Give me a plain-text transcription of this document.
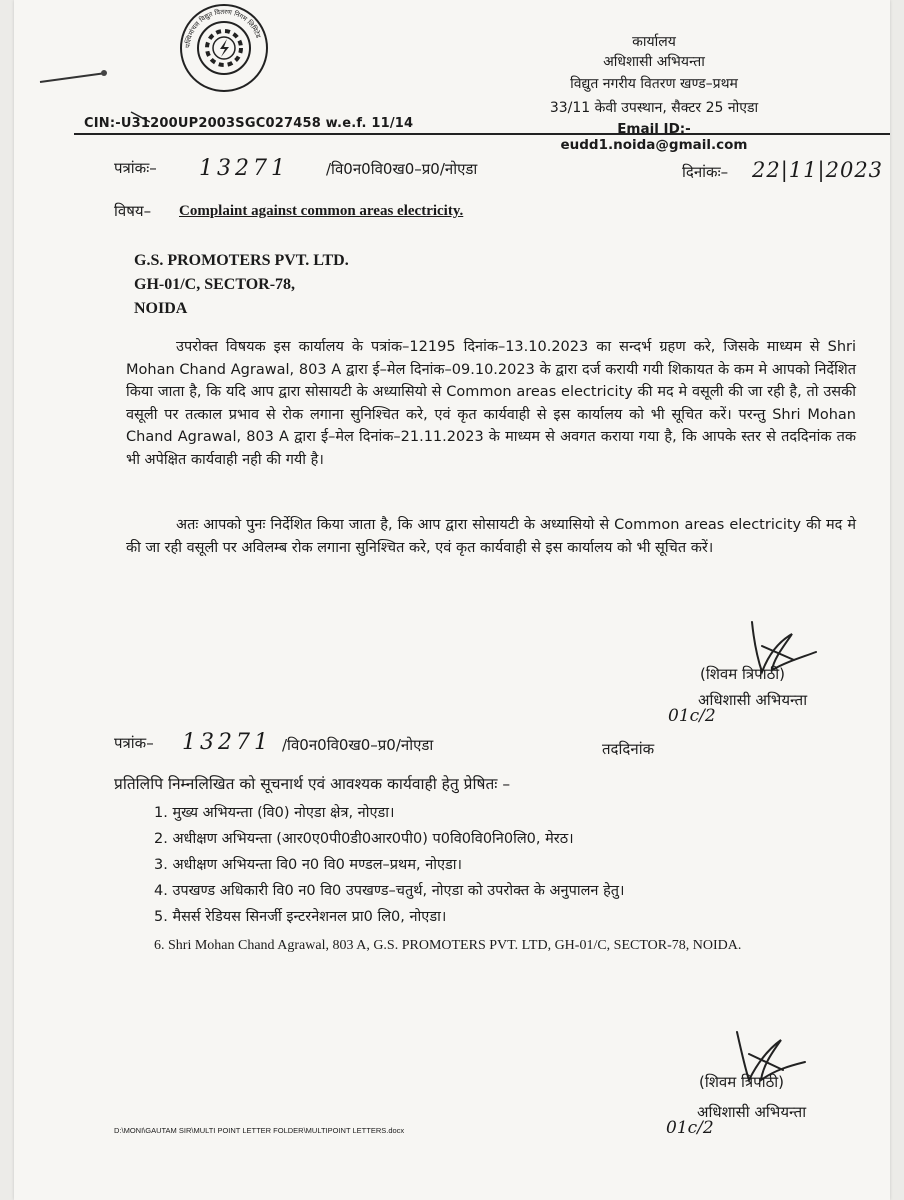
पश्चिमांचल विद्युत वितरण निगम लिमिटेड
CIN:-U31200UP2003SGC027458 w.e.f. 11/14
कार्यालय
अधिशासी अभियन्ता
विद्युत नगरीय वितरण खण्ड–प्रथम
33/11 केवी उपस्थान, सैक्टर 25 नोएडा
Email ID:-eudd1.noida@gmail.com
पत्रांकः– 13271 /वि0न0वि0ख0–प्र0/नोएडा	दिनांकः– 22|11|2023
विषय– Complaint against common areas electricity.
G.S. PROMOTERS PVT. LTD.
GH-01/C, SECTOR-78,
NOIDA
उपरोक्त विषयक इस कार्यालय के पत्रांक–12195 दिनांक–13.10.2023 का सन्दर्भ ग्रहण करे, जिसके माध्यम से Shri Mohan Chand Agrawal, 803 A द्वारा ई–मेल दिनांक–09.10.2023 के द्वारा दर्ज करायी गयी शिकायत के कम मे आपको निर्देशित किया जाता है, कि यदि आप द्वारा सोसायटी के अध्यासियो से Common areas electricity की मद मे वसूली की जा रही है, तो उसकी वसूली पर तत्काल प्रभाव से रोक लगाना सुनिश्चित करे, एवं कृत कार्यवाही से इस कार्यालय को भी सूचित करें। परन्तु Shri Mohan Chand Agrawal, 803 A द्वारा ई–मेल दिनांक–21.11.2023 के माध्यम से अवगत कराया गया है, कि आपके स्तर से तददिनांक तक भी अपेक्षित कार्यवाही नही की गयी है।
अतः आपको पुनः निर्देशित किया जाता है, कि आप द्वारा सोसायटी के अध्यासियो से Common areas electricity की मद मे की जा रही वसूली पर अविलम्ब रोक लगाना सुनिश्चित करे, एवं कृत कार्यवाही से इस कार्यालय को भी सूचित करें।
(शिवम त्रिपाठी)
अधिशासी अभियन्ता
01c/2
पत्रांक– 13271 /वि0न0वि0ख0–प्र0/नोएडा	तददिनांक
प्रतिलिपि निम्नलिखित को सूचनार्थ एवं आवश्यक कार्यवाही हेतु प्रेषितः –
1. मुख्य अभियन्ता (वि0) नोएडा क्षेत्र, नोएडा।
2. अधीक्षण अभियन्ता (आर0ए0पी0डी0आर0पी0) प0वि0वि0नि0लि0, मेरठ।
3. अधीक्षण अभियन्ता वि0 न0 वि0 मण्डल–प्रथम, नोएडा।
4. उपखण्ड अधिकारी वि0 न0 वि0 उपखण्ड–चतुर्थ, नोएडा को उपरोक्त के अनुपालन हेतु।
5. मैसर्स रेडियस सिनर्जी इन्टरनेशनल प्रा0 लि0, नोएडा।
6. Shri Mohan Chand Agrawal, 803 A, G.S. PROMOTERS PVT. LTD, GH-01/C, SECTOR-78, NOIDA.
(शिवम त्रिपाठी)
अधिशासी अभियन्ता
01c/2
D:\MONI\GAUTAM SIR\MULTI POINT LETTER FOLDER\MULTIPOINT LETTERS.docx
